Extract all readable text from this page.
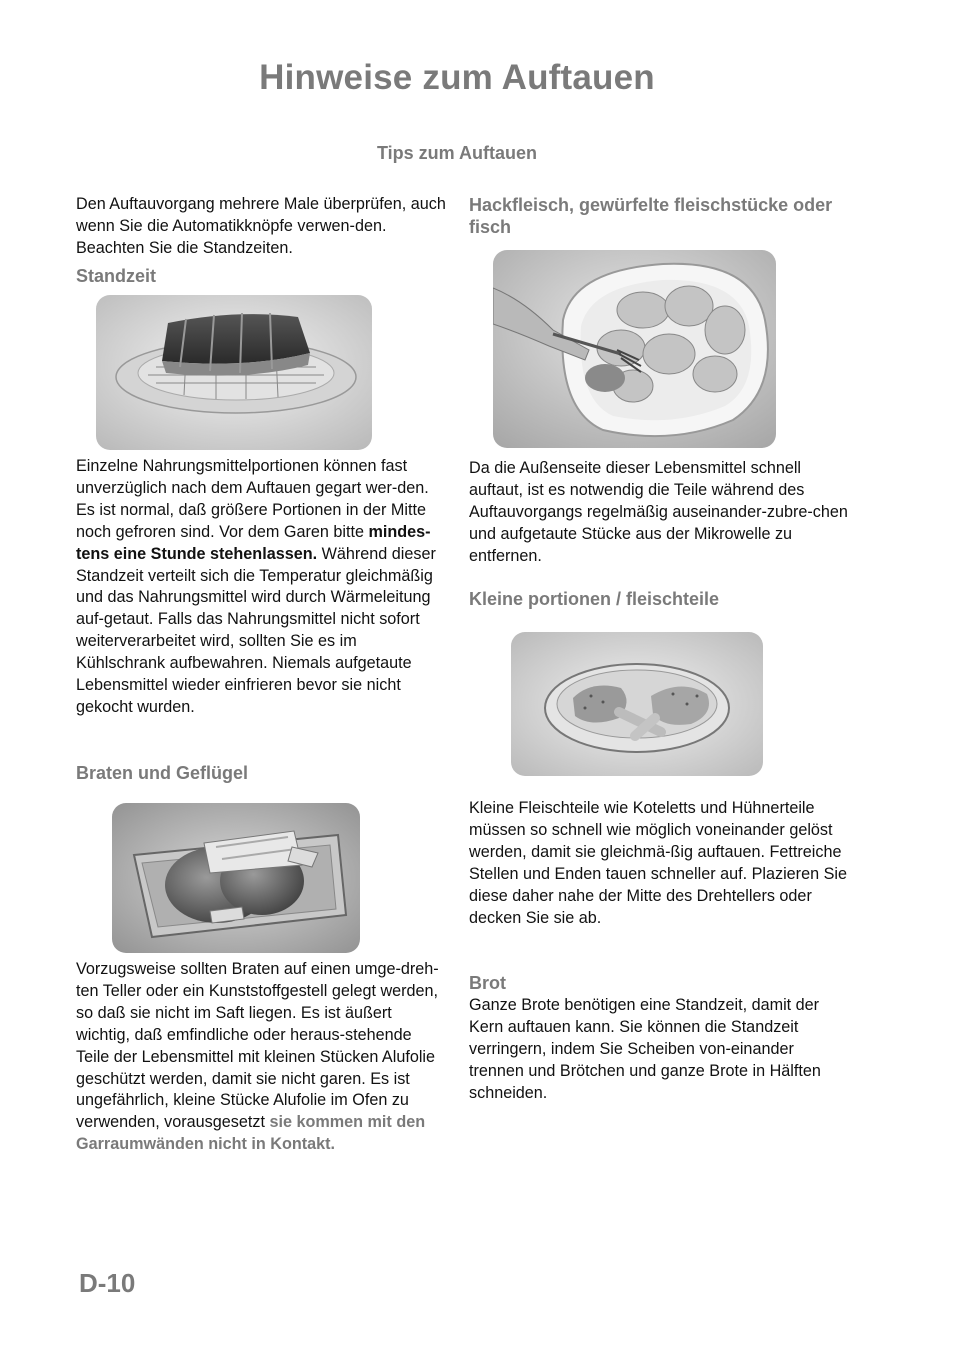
Hinweise zum Auftauen
Tips zum Auftauen

Den Auftauvorgang mehrere Male überprüfen, auch wenn Sie die Automatikknöpfe verwen-den. Beachten Sie die Standzeiten.

Standzeit

Einzelne Nahrungsmittelportionen können fast unverzüglich nach dem Auftauen gegart wer-den. Es ist normal, daß größere Portionen in der Mitte noch gefroren sind. Vor dem Garen bitte mindes-tens eine Stunde stehenlassen. Während dieser Standzeit verteilt sich die Temperatur gleichmäßig und das Nahrungsmittel wird durch Wärmeleitung auf-getaut. Falls das Nahrungsmittel nicht sofort weiterverarbeitet wird, sollten Sie es im Kühlschrank aufbewahren. Niemals aufgetaute Lebensmittel wieder einfrieren bevor sie nicht gekocht wurden.

Braten und Geflügel

Vorzugsweise sollten Braten auf einen umge-dreh-ten Teller oder ein Kunststoffgestell gelegt werden, so daß sie nicht im Saft liegen. Es ist äußert wichtig, daß emfindliche oder heraus-stehende Teile der Lebensmittel mit kleinen Stücken Alufolie geschützt werden, damit sie nicht garen. Es ist ungefährlich, kleine Stücke Alufolie im Ofen zu verwenden, vorausgesetzt sie kommen mit den Garraumwänden nicht in Kontakt.

Hackfleisch, gewürfelte fleischstücke oder fisch

Da die Außenseite dieser Lebensmittel schnell auftaut, ist es notwendig die Teile während des Auftauvorgangs regelmäßig auseinander-zubre-chen und aufgetaute Stücke aus der Mikrowelle zu entfernen.

Kleine portionen / fleischteile

Kleine Fleischteile wie Koteletts und Hühnerteile müssen so schnell wie möglich voneinander gelöst werden, damit sie gleichmä-ßig auftauen. Fettreiche Stellen und Enden tauen schneller auf. Plazieren Sie diese daher nahe der Mitte des Drehtellers oder decken Sie sie ab.

Brot

Ganze Brote benötigen eine Standzeit, damit der Kern auftauen kann. Sie können die Standzeit verringern, indem Sie Scheiben von-einander trennen und Brötchen und ganze Brote in Hälften schneiden.

D-10
